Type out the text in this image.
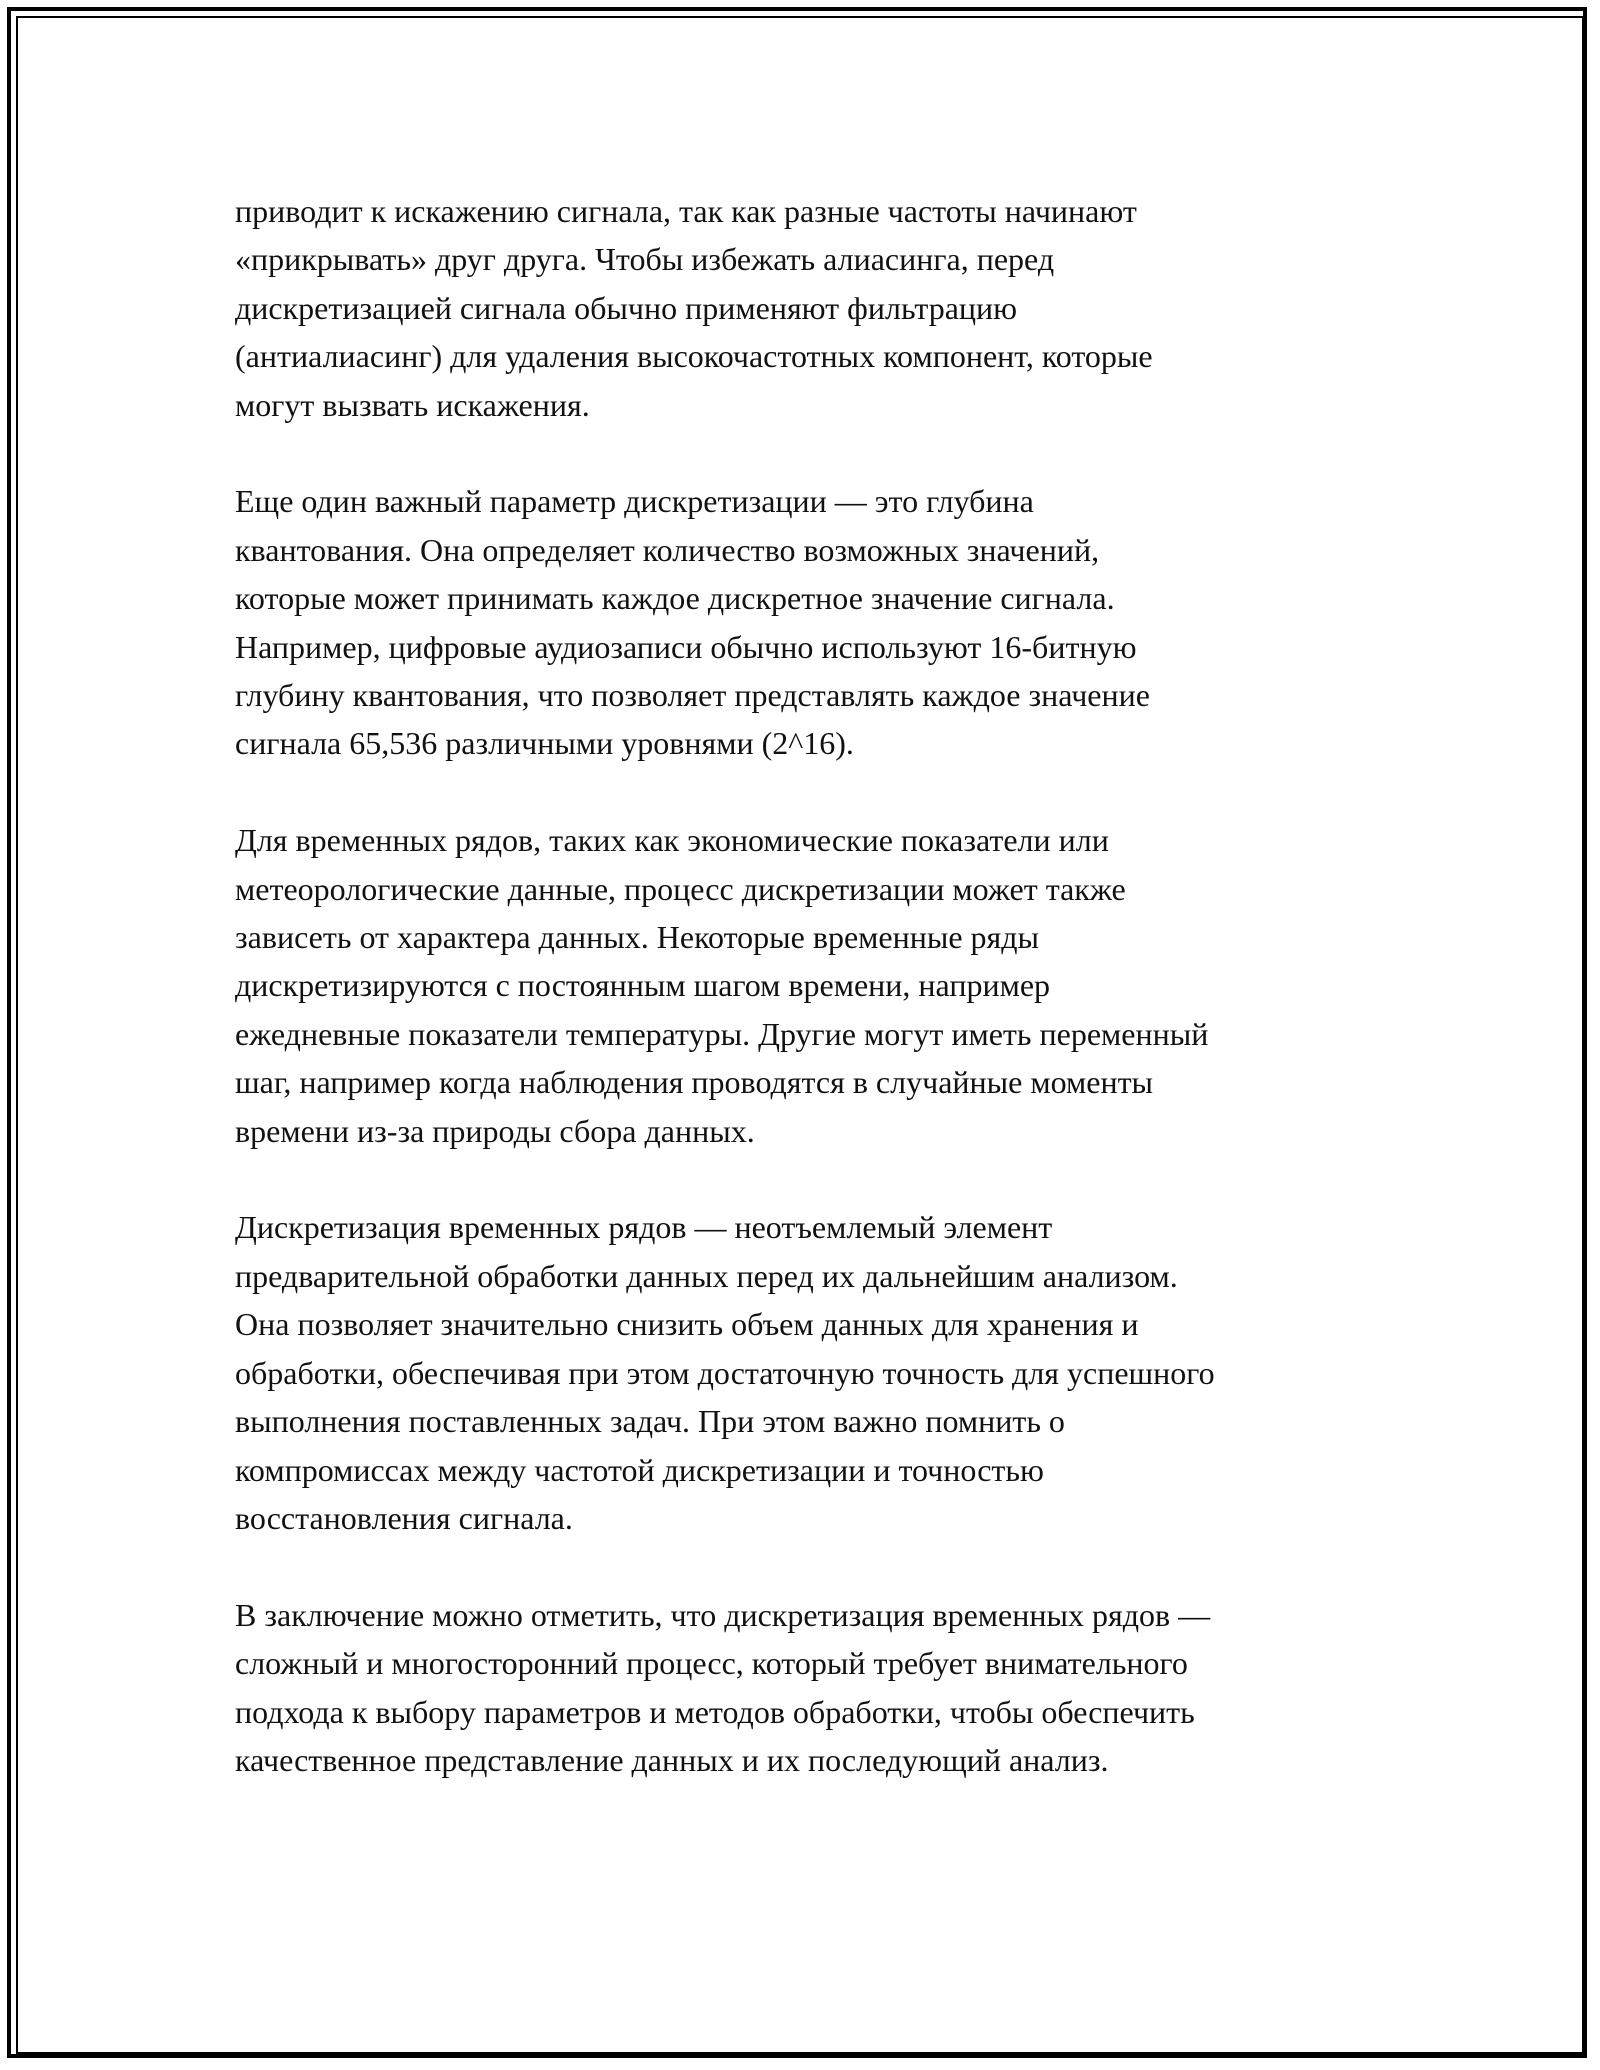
приводит к искажению сигнала, так как разные частоты начинают
«прикрывать» друг друга. Чтобы избежать алиасинга, перед
дискретизацией сигнала обычно применяют фильтрацию
(антиалиасинг) для удаления высокочастотных компонент, которые
могут вызвать искажения.

Еще один важный параметр дискретизации — это глубина
квантования. Она определяет количество возможных значений,
которые может принимать каждое дискретное значение сигнала.
Например, цифровые аудиозаписи обычно используют 16-битную
глубину квантования, что позволяет представлять каждое значение
сигнала 65,536 различными уровнями (2^16).

Для временных рядов, таких как экономические показатели или
метеорологические данные, процесс дискретизации может также
зависеть от характера данных. Некоторые временные ряды
дискретизируются с постоянным шагом времени, например
ежедневные показатели температуры. Другие могут иметь переменный
шаг, например когда наблюдения проводятся в случайные моменты
времени из-за природы сбора данных.

Дискретизация временных рядов — неотъемлемый элемент
предварительной обработки данных перед их дальнейшим анализом.
Она позволяет значительно снизить объем данных для хранения и
обработки, обеспечивая при этом достаточную точность для успешного
выполнения поставленных задач. При этом важно помнить о
компромиссах между частотой дискретизации и точностью
восстановления сигнала.

В заключение можно отметить, что дискретизация временных рядов —
сложный и многосторонний процесс, который требует внимательного
подхода к выбору параметров и методов обработки, чтобы обеспечить
качественное представление данных и их последующий анализ.
